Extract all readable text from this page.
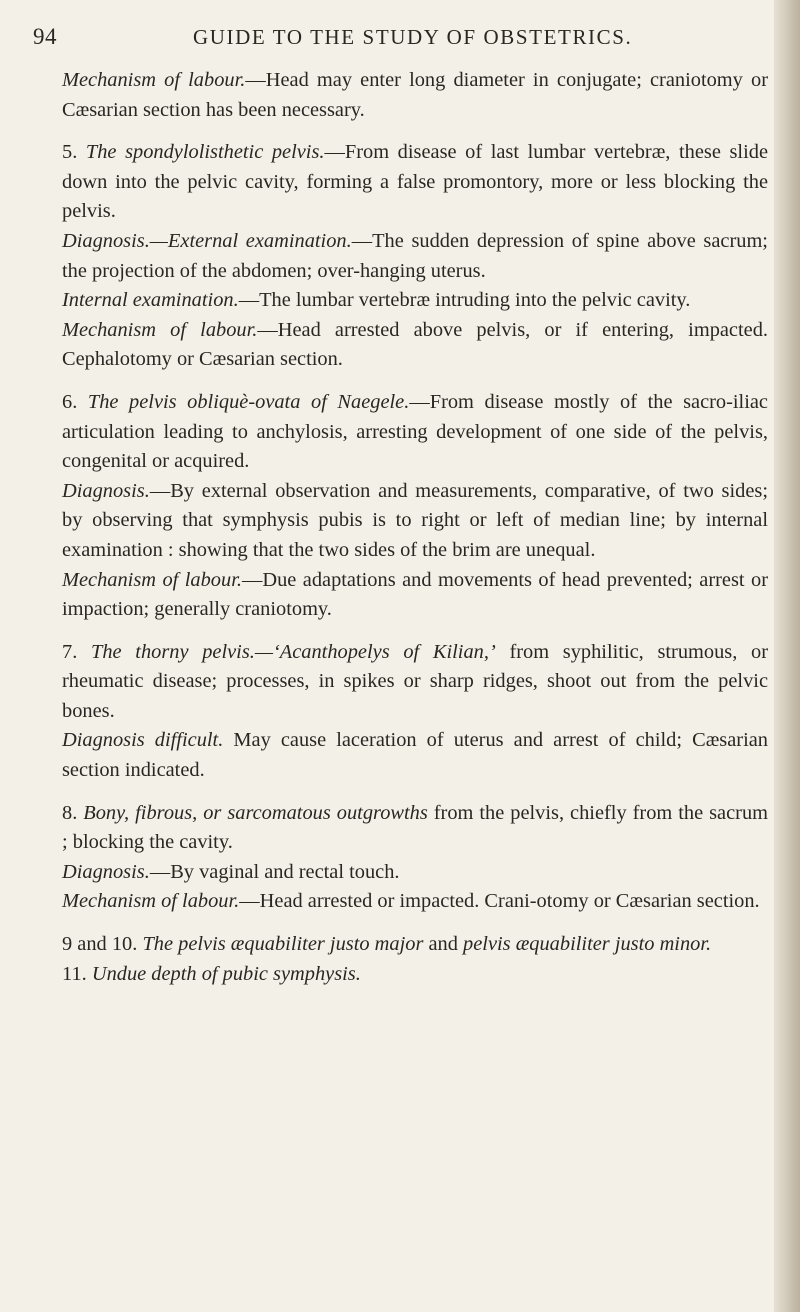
94	GUIDE TO THE STUDY OF OBSTETRICS.

Mechanism of labour.—Head may enter long diameter in conjugate; craniotomy or Cæsarian section has been necessary.

5. The spondylolisthetic pelvis.—From disease of last lumbar vertebræ, these slide down into the pelvic cavity, forming a false promontory, more or less blocking the pelvis.

Diagnosis.—External examination.—The sudden depression of spine above sacrum; the projection of the abdomen; over-hanging uterus.

Internal examination.—The lumbar vertebræ intruding into the pelvic cavity.

Mechanism of labour.—Head arrested above pelvis, or if entering, impacted. Cephalotomy or Cæsarian section.

6. The pelvis obliquè-ovata of Naegele.—From disease mostly of the sacro-iliac articulation leading to anchylosis, arresting development of one side of the pelvis, congenital or acquired.

Diagnosis.—By external observation and measurements, comparative, of two sides; by observing that symphysis pubis is to right or left of median line; by internal examination : showing that the two sides of the brim are unequal.

Mechanism of labour.—Due adaptations and movements of head prevented; arrest or impaction; generally craniotomy.

7. The thorny pelvis.—‘Acanthopelys of Kilian,’ from syphilitic, strumous, or rheumatic disease; processes, in spikes or sharp ridges, shoot out from the pelvic bones.

Diagnosis difficult. May cause laceration of uterus and arrest of child; Cæsarian section indicated.

8. Bony, fibrous, or sarcomatous outgrowths from the pelvis, chiefly from the sacrum ; blocking the cavity.

Diagnosis.—By vaginal and rectal touch.

Mechanism of labour.—Head arrested or impacted. Crani-otomy or Cæsarian section.

9 and 10. The pelvis æquabiliter justo major and pelvis æquabiliter justo minor.

11. Undue depth of pubic symphysis.
